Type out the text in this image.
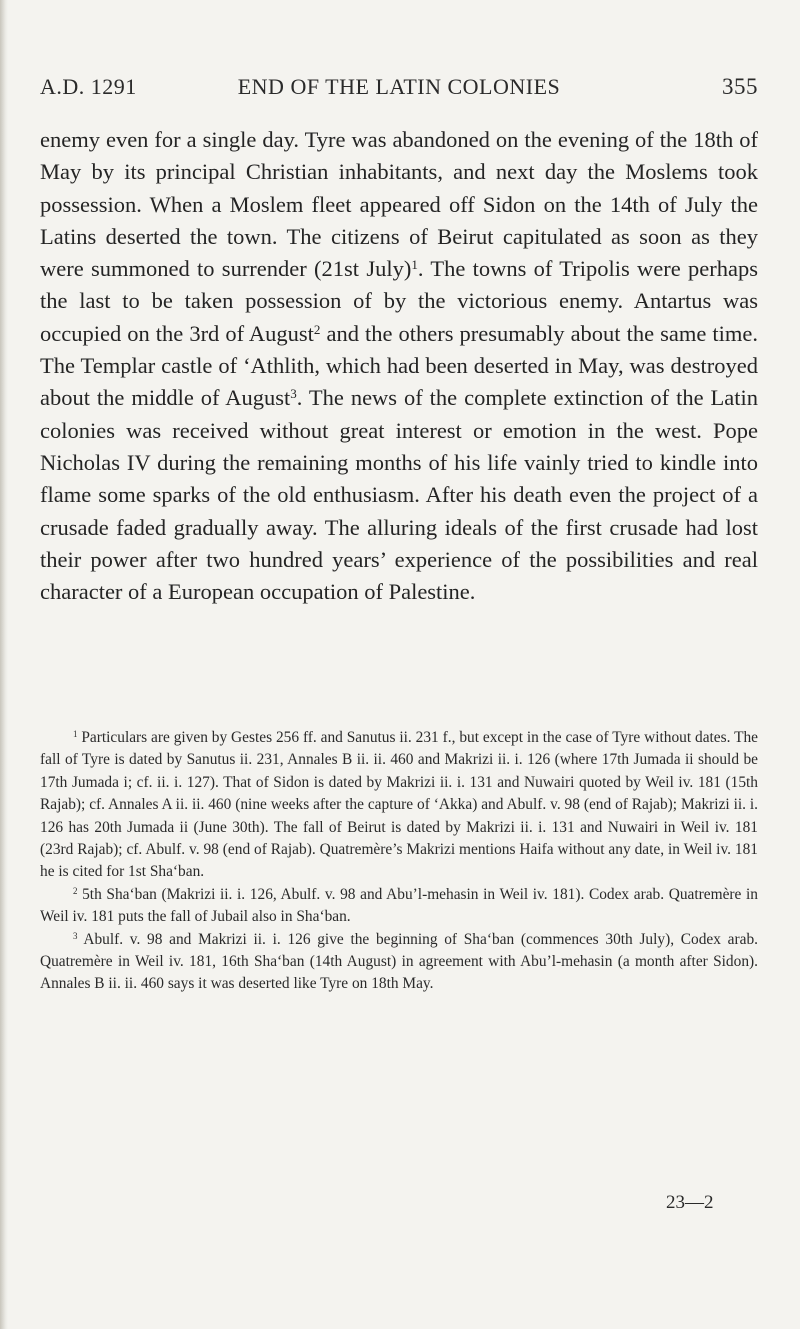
A.D. 1291	END OF THE LATIN COLONIES	355

enemy even for a single day. Tyre was abandoned on the evening of the 18th of May by its principal Christian inhabitants, and next day the Moslems took possession. When a Moslem fleet appeared off Sidon on the 14th of July the Latins deserted the town. The citizens of Beirut capitulated as soon as they were summoned to surrender (21st July)$^1$. The towns of Tripolis were perhaps the last to be taken possession of by the victorious enemy. Antartus was occupied on the 3rd of August$^2$ and the others presumably about the same time. The Templar castle of ‘Athlith, which had been deserted in May, was destroyed about the middle of August$^3$. The news of the complete extinction of the Latin colonies was received without great interest or emotion in the west. Pope Nicholas IV during the remaining months of his life vainly tried to kindle into flame some sparks of the old enthusiasm. After his death even the project of a crusade faded gradually away. The alluring ideals of the first crusade had lost their power after two hundred years’ experience of the possibilities and real character of a European occupation of Palestine.

$^1$ Particulars are given by Gestes 256 ff. and Sanutus ii. 231 f., but except in the case of Tyre without dates. The fall of Tyre is dated by Sanutus ii. 231, Annales B ii. ii. 460 and Makrizi ii. i. 126 (where 17th Jumada ii should be 17th Jumada i; cf. ii. i. 127). That of Sidon is dated by Makrizi ii. i. 131 and Nuwairi quoted by Weil iv. 181 (15th Rajab); cf. Annales A ii. ii. 460 (nine weeks after the capture of ‘Akka) and Abulf. v. 98 (end of Rajab); Makrizi ii. i. 126 has 20th Jumada ii (June 30th). The fall of Beirut is dated by Makrizi ii. i. 131 and Nuwairi in Weil iv. 181 (23rd Rajab); cf. Abulf. v. 98 (end of Rajab). Quatremère’s Makrizi mentions Haifa without any date, in Weil iv. 181 he is cited for 1st Sha‘ban.

$^2$ 5th Sha‘ban (Makrizi ii. i. 126, Abulf. v. 98 and Abu’l-mehasin in Weil iv. 181). Codex arab. Quatremère in Weil iv. 181 puts the fall of Jubail also in Sha‘ban.

$^3$ Abulf. v. 98 and Makrizi ii. i. 126 give the beginning of Sha‘ban (commences 30th July), Codex arab. Quatremère in Weil iv. 181, 16th Sha‘ban (14th August) in agreement with Abu’l-mehasin (a month after Sidon). Annales B ii. ii. 460 says it was deserted like Tyre on 18th May.

23—2
